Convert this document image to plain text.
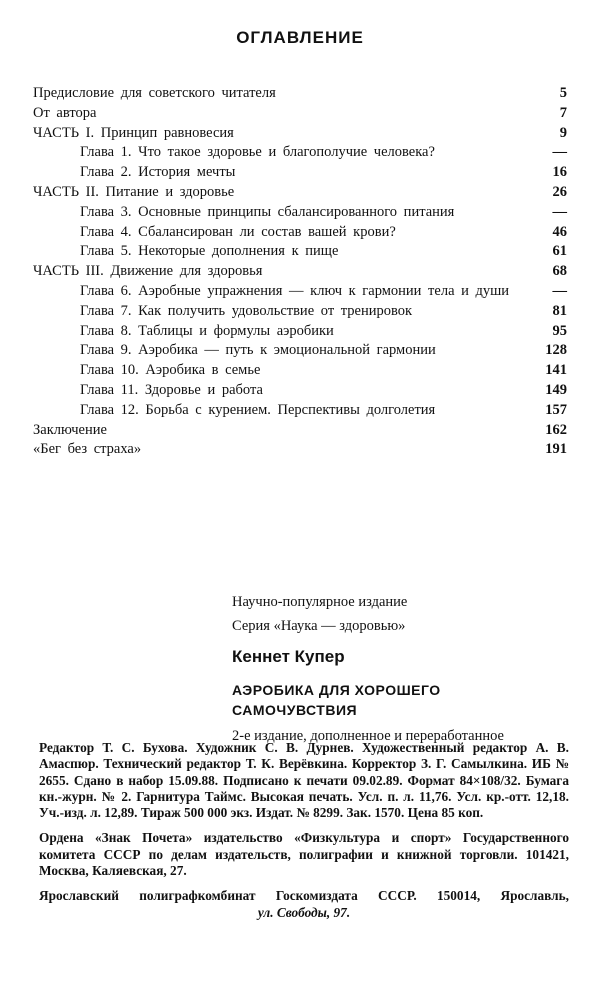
ОГЛАВЛЕНИЕ
Предисловие для советского читателя	5
От автора	7
ЧАСТЬ I. Принцип равновесия	9
Глава 1. Что такое здоровье и благополучие человека?	—
Глава 2. История мечты	16
ЧАСТЬ II. Питание и здоровье	26
Глава 3. Основные принципы сбалансированного питания	—
Глава 4. Сбалансирован ли состав вашей крови?	46
Глава 5. Некоторые дополнения к пище	61
ЧАСТЬ III. Движение для здоровья	68
Глава 6. Аэробные упражнения — ключ к гармонии тела и души	—
Глава 7. Как получить удовольствие от тренировок	81
Глава 8. Таблицы и формулы аэробики	95
Глава 9. Аэробика — путь к эмоциональной гармонии	128
Глава 10. Аэробика в семье	141
Глава 11. Здоровье и работа	149
Глава 12. Борьба с курением. Перспективы долголетия	157
Заключение	162
«Бег без страха»	191
Научно-популярное издание
Серия «Наука — здоровью»
Кеннет Купер
АЭРОБИКА ДЛЯ ХОРОШЕГО
САМОЧУВСТВИЯ
2-е издание, дополненное и переработанное

Редактор Т. С. Бухова. Художник С. В. Дурнев. Художественный редактор А. В. Амаспюр. Технический редактор Т. К. Верёвкина. Корректор З. Г. Самылкина. ИБ № 2655. Сдано в набор 15.09.88. Подписано к печати 09.02.89. Формат 84×108/32. Бумага кн.-журн. № 2. Гарнитура Таймс. Высокая печать. Усл. п. л. 11,76. Усл. кр.-отт. 12,18. Уч.-изд. л. 12,89. Тираж 500 000 экз. Издат. № 8299. Зак. 1570. Цена 85 коп.

Ордена «Знак Почета» издательство «Физкультура и спорт» Государственного комитета СССР по делам издательств, полиграфии и книжной торговли. 101421, Москва, Каляевская, 27.

Ярославский полиграфкомбинат Госкомиздата СССР. 150014, Ярославль,

ул. Свободы, 97.
